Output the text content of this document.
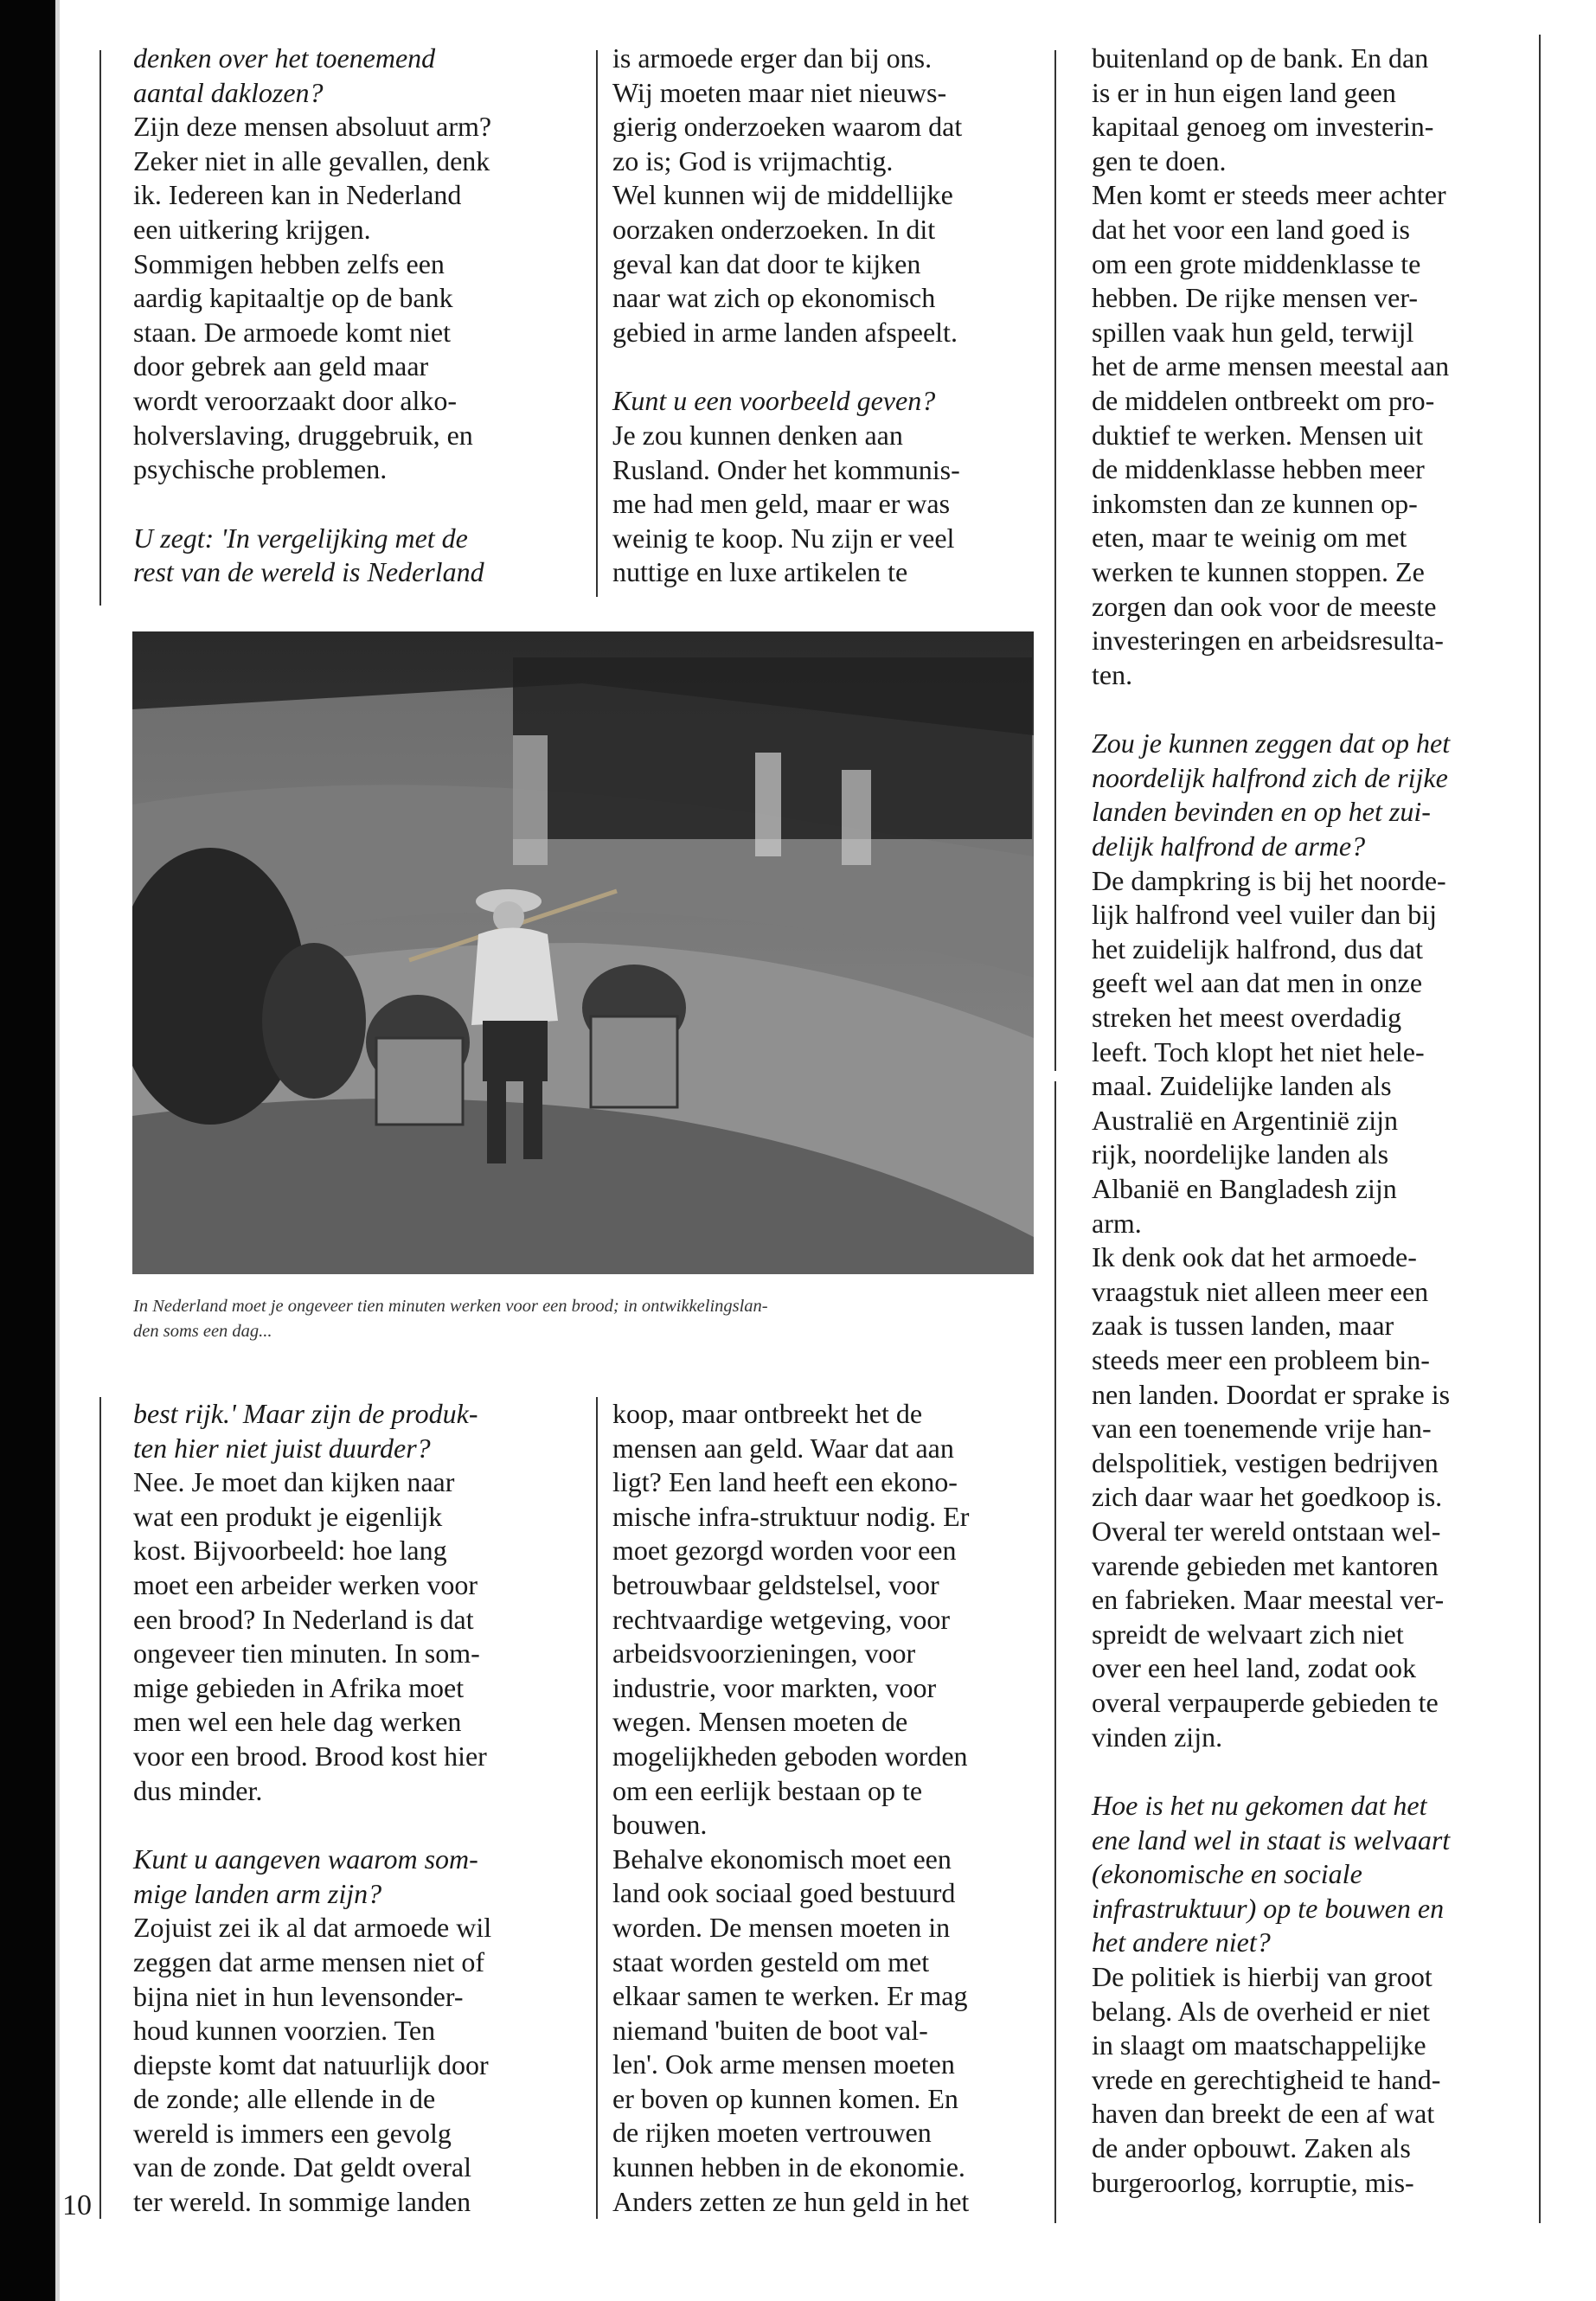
denken over het toenemend
aantal daklozen?

Zijn deze mensen absoluut arm?
Zeker niet in alle gevallen, denk
ik. Iedereen kan in Nederland
een uitkering krijgen.
Sommigen hebben zelfs een
aardig kapitaaltje op de bank
staan. De armoede komt niet
door gebrek aan geld maar
wordt veroorzaakt door alko-
holverslaving, druggebruik, en
psychische problemen.

U zegt: 'In vergelijking met de
rest van de wereld is Nederland

is armoede erger dan bij ons.
Wij moeten maar niet nieuws-
gierig onderzoeken waarom dat
zo is; God is vrijmachtig.
Wel kunnen wij de middellijke
oorzaken onderzoeken. In dit
geval kan dat door te kijken
naar wat zich op ekonomisch
gebied in arme landen afspeelt.

Kunt u een voorbeeld geven?

Je zou kunnen denken aan
Rusland. Onder het kommunis-
me had men geld, maar er was
weinig te koop. Nu zijn er veel
nuttige en luxe artikelen te

buitenland op de bank. En dan
is er in hun eigen land geen
kapitaal genoeg om investerin-
gen te doen.
Men komt er steeds meer achter
dat het voor een land goed is
om een grote middenklasse te
hebben. De rijke mensen ver-
spillen vaak hun geld, terwijl
het de arme mensen meestal aan
de middelen ontbreekt om pro-
duktief te werken. Mensen uit
de middenklasse hebben meer
inkomsten dan ze kunnen op-
eten, maar te weinig om met
werken te kunnen stoppen. Ze
zorgen dan ook voor de meeste
investeringen en arbeidsresulta-
ten.

Zou je kunnen zeggen dat op het
noordelijk halfrond zich de rijke
landen bevinden en op het zui-
delijk halfrond de arme?

De dampkring is bij het noorde-
lijk halfrond veel vuiler dan bij
het zuidelijk halfrond, dus dat
geeft wel aan dat men in onze
streken het meest overdadig
leeft. Toch klopt het niet hele-
maal. Zuidelijke landen als
Australië en Argentinië zijn
rijk, noordelijke landen als
Albanië en Bangladesh zijn
arm.
Ik denk ook dat het armoede-
vraagstuk niet alleen meer een
zaak is tussen landen, maar
steeds meer een probleem bin-
nen landen. Doordat er sprake is
van een toenemende vrije han-
delspolitiek, vestigen bedrijven
zich daar waar het goedkoop is.
Overal ter wereld ontstaan wel-
varende gebieden met kantoren
en fabrieken. Maar meestal ver-
spreidt de welvaart zich niet
over een heel land, zodat ook
overal verpauperde gebieden te
vinden zijn.

Hoe is het nu gekomen dat het
ene land wel in staat is welvaart
(ekonomische en sociale
infrastruktuur) op te bouwen en
het andere niet?

De politiek is hierbij van groot
belang. Als de overheid er niet
in slaagt om maatschappelijke
vrede en gerechtigheid te hand-
haven dan breekt de een af wat
de ander opbouwt. Zaken als
burgeroorlog, korruptie, mis-

In Nederland moet je ongeveer tien minuten werken voor een brood; in ontwikkelingslan-
den soms een dag...

best rijk.' Maar zijn de produk-
ten hier niet juist duurder?

Nee. Je moet dan kijken naar
wat een produkt je eigenlijk
kost. Bijvoorbeeld: hoe lang
moet een arbeider werken voor
een brood? In Nederland is dat
ongeveer tien minuten. In som-
mige gebieden in Afrika moet
men wel een hele dag werken
voor een brood. Brood kost hier
dus minder.

Kunt u aangeven waarom som-
mige landen arm zijn?

Zojuist zei ik al dat armoede wil
zeggen dat arme mensen niet of
bijna niet in hun levensonder-
houd kunnen voorzien. Ten
diepste komt dat natuurlijk door
de zonde; alle ellende in de
wereld is immers een gevolg
van de zonde. Dat geldt overal
ter wereld. In sommige landen

koop, maar ontbreekt het de
mensen aan geld. Waar dat aan
ligt? Een land heeft een ekono-
mische infra-struktuur nodig. Er
moet gezorgd worden voor een
betrouwbaar geldstelsel, voor
rechtvaardige wetgeving, voor
arbeidsvoorzieningen, voor
industrie, voor markten, voor
wegen. Mensen moeten de
mogelijkheden geboden worden
om een eerlijk bestaan op te
bouwen.
Behalve ekonomisch moet een
land ook sociaal goed bestuurd
worden. De mensen moeten in
staat worden gesteld om met
elkaar samen te werken. Er mag
niemand 'buiten de boot val-
len'. Ook arme mensen moeten
er boven op kunnen komen. En
de rijken moeten vertrouwen
kunnen hebben in de ekonomie.
Anders zetten ze hun geld in het

10
